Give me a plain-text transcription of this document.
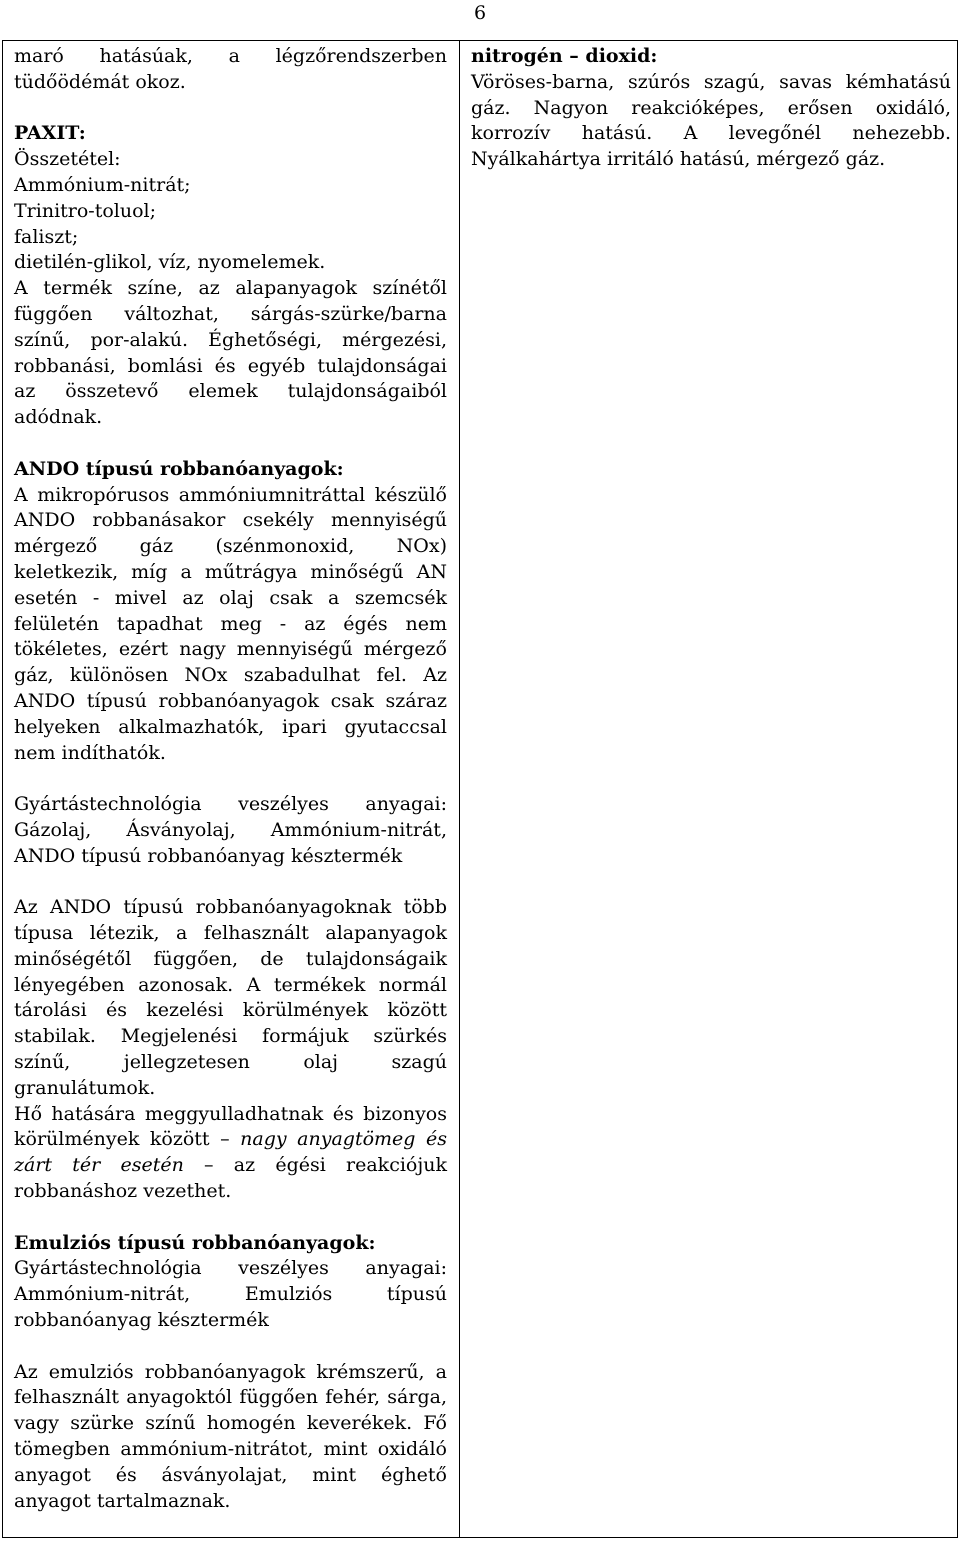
6

maró hatásúak, a légzőrendszerben tüdőödémát okoz.

PAXIT:
Összetétel:
Ammónium-nitrát;
Trinitro-toluol;
faliszt;
dietilén-glikol, víz, nyomelemek.

A termék színe, az alapanyagok színétől függően változhat, sárgás-szürke/barna színű, por-alakú. Éghetőségi, mérgezési, robbanási, bomlási és egyéb tulajdonságai az összetevő elemek tulajdonságaiból adódnak.

ANDO típusú robbanóanyagok:
A mikropórusos ammóniumnitráttal készülő ANDO robbanásakor csekély mennyiségű mérgező gáz (szénmonoxid, NOx) keletkezik, míg a műtrágya minőségű AN esetén - mivel az olaj csak a szemcsék felületén tapadhat meg - az égés nem tökéletes, ezért nagy mennyiségű mérgező gáz, különösen NOx szabadulhat fel. Az ANDO típusú robbanóanyagok csak száraz helyeken alkalmazhatók, ipari gyutaccsal nem indíthatók.

Gyártástechnológia veszélyes anyagai: Gázolaj, Ásványolaj, Ammónium-nitrát, ANDO típusú robbanóanyag késztermék

Az ANDO típusú robbanóanyagoknak több típusa létezik, a felhasznált alapanyagok minőségétől függően, de tulajdonságaik lényegében azonosak. A termékek normál tárolási és kezelési körülmények között stabilak. Megjelenési formájuk szürkés színű, jellegzetesen olaj szagú granulátumok.

Hő hatására meggyulladhatnak és bizonyos körülmények között – nagy anyagtömeg és zárt tér esetén – az égési reakciójuk robbanáshoz vezethet.

Emulziós típusú robbanóanyagok:
Gyártástechnológia veszélyes anyagai: Ammónium-nitrát, Emulziós típusú robbanóanyag késztermék

Az emulziós robbanóanyagok krémszerű, a felhasznált anyagoktól függően fehér, sárga, vagy szürke színű homogén keverékek. Fő tömegben ammónium-nitrátot, mint oxidáló anyagot és ásványolajat, mint éghető anyagot tartalmaznak.

nitrogén – dioxid:
Vöröses-barna, szúrós szagú, savas kémhatású gáz. Nagyon reakcióképes, erősen oxidáló, korrozív hatású. A levegőnél nehezebb. Nyálkahártya irritáló hatású, mérgező gáz.
